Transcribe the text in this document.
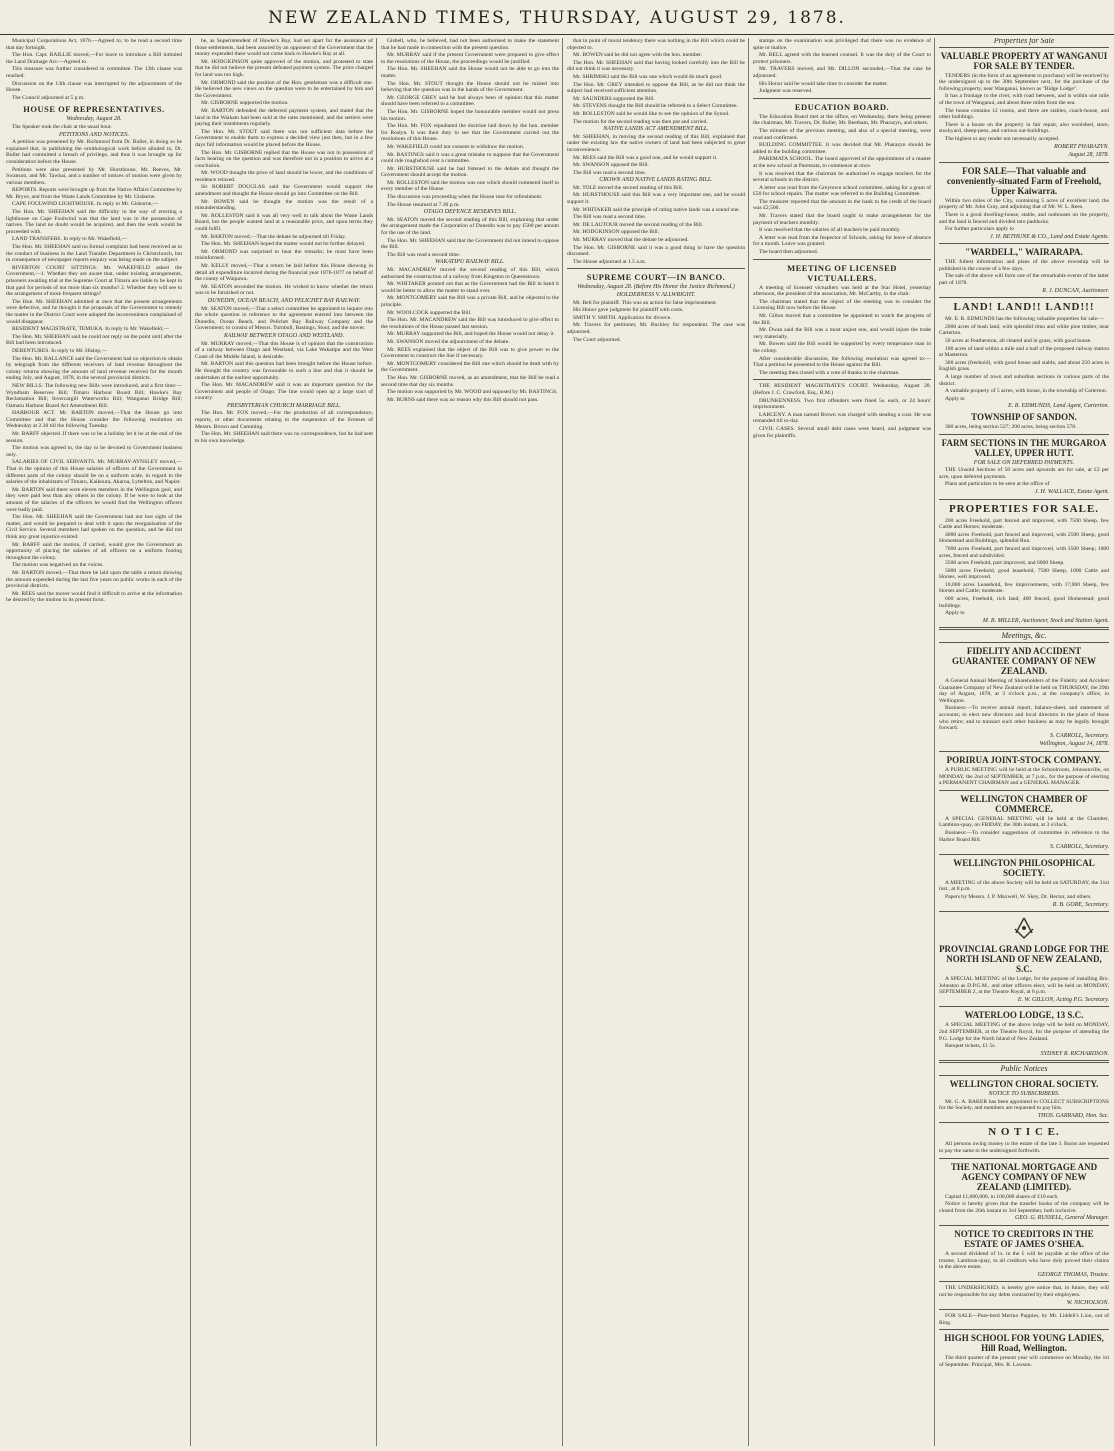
NEW ZEALAND TIMES, THURSDAY, AUGUST 29, 1878.

Municipal Corporations Act, 1876.—Agreed to; to be read a second time that day fortnight.

The Hon. Capt. BAILLIE moved,—For leave to introduce a Bill intituled the Land Drainage Act.—Agreed to.

This measure was further considered in committee. The 13th clause was reached.

Discussion on the 13th clause was interrupted by the adjournment of the House.

The Council adjourned at 5 p.m.

HOUSE OF REPRESENTATIVES.
Wednesday, August 28.

The Speaker took the chair at the usual hour.

PETITIONS AND NOTICES.

A petition was presented by Mr. Richmond from Dr. Buller, in doing so he explained that, in publishing the ornithological work before alluded to, Dr. Buller had committed a breach of privilege, and thus it was brought up for consideration before the House.

Petitions were also presented by Mr. Hursthouse, Mr. Reeves, Mr. Swanson, and Mr. Tawhai, and a number of notices of motion were given by various members.

REPORTS. Reports were brought up from the Native Affairs Committee by Mr. Bryce, and from the Waste Lands Committee by Mr. Gisborne.

CAPE FOULWIND LIGHTHOUSE. In reply to Mr. Gisborne,—

The Hon. Mr. SHEEHAN said the difficulty in the way of erecting a lighthouse on Cape Foulwind was that the land was in the possession of natives. The land no doubt would be acquired, and then the work would be proceeded with.

LAND TRANSFERS. In reply to Mr. Wakefield,—

The Hon. Mr. SHEEHAN said no formal complaint had been received as to the conduct of business in the Land Transfer Department in Christchurch, but in consequence of newspaper reports enquiry was being made on the subject.

RIVERTON COURT SITTINGS. Mr. WAKEFIELD asked the Government,—1. Whether they are aware that, under existing arrangements, prisoners awaiting trial at the Supreme Court at Timaru are liable to be kept in that gaol for periods of not more than six months? 2. Whether they will see to the arrangement of more frequent sittings?

The Hon. Mr. SHEEHAN admitted at once that the present arrangements were defective, and he thought it the proposals of the Government to remedy the matter in the District Court were adopted the inconvenience complained of would disappear.

RESIDENT MAGISTRATE, TEMUKA. In reply to Mr. Wakefield,—

The Hon. Mr. SHEEHAN said he could not reply on the point until after the Bill had been introduced.

DEBENTURES. In reply to Mr. Hislop,—

The Hon. Mr. BALLANCE said the Government had no objection to obtain by telegraph from the different receivers of land revenue throughout the colony returns showing the amount of land revenue received for the month ending July, and August, 1878, in the several provincial districts.

NEW BILLS. The following new Bills were introduced, and a first time:—Wyndham Reserves Bill; Timaru Harbour Board Bill; Hawke's Bay Reclamation Bill; Invercargill Waterworks Bill; Wanganui Bridge Bill; Oamaru Harbour Board Act Amendment Bill.

HARBOUR ACT. Mr. BARTON moved,—That the House go into Committee and that the House consider the following resolution on Wednesday at 2.30 till the following Tuesday.

Mr. BARFF objected. If there was to be a holiday let it be at the end of the session.

The motion was agreed to, the day to be devoted to Government business only.

SALARIES OF CIVIL SERVANTS. Mr. MURRAY-AYNSLEY moved,—That in the opinion of this House salaries of officers of the Government in different parts of the colony should be on a uniform scale, in regard to the salaries of the inhabitants of Timaru, Kaikoura, Akaroa, Lyttelton, and Napier.

Mr. BARTON said there were eleven members in the Wellington gaol, and they were paid less than any others in the colony. If he were to look at the amount of the salaries of the officers he would find the Wellington officers were badly paid.

The Hon. Mr. SHEEHAN said the Government had not lost sight of the matter, and would be prepared to deal with it upon the reorganisation of the Civil Service. Several members had spoken on the question, and he did not think any great injustice existed.

Mr. BARFF said the motion, if carried, would give the Government an opportunity of placing the salaries of all officers on a uniform footing throughout the colony.

The motion was negatived on the voices.

Mr. BARTON moved,—That there be laid upon the table a return showing the amount expended during the last five years on public works in each of the provincial districts.

Mr. REES said the mover would find it difficult to arrive at the information he desired by the motion in its present form.

he, as Superintendent of Hawke's Bay, had set apart for the assistance of those settlements, had been assured by an opponent of the Government that the money expended there would not come back to Hawke's Bay at all.

Mr. HODGKINSON quite approved of the motion, and protested to state that he did not believe the present defeated payment system. The price charged for land was too high.

Mr. ORMOND said the position of the Hon. gentleman was a difficult one. He believed the new views on the question were to be entertained by him and the Government.

Mr. GISBORNE supported the motion.

Mr. BARTON defended the deferred payment system, and stated that the land in the Waikato had been sold at the rates mentioned, and the settlers were paying their instalments regularly.

The Hon. Mr. STOUT said there was not sufficient data before the Government to enable them to express a decided view just then, but in a few days full information would be placed before the House.

The Hon. Mr. GISBORNE replied that the House was not in possession of facts bearing on the question and was therefore not in a position to arrive at a conclusion.

Mr. WOOD thought the price of land should be lower, and the conditions of residence relaxed.

Sir ROBERT DOUGLAS said the Government would support the amendment and thought the House should go into Committee on the Bill.

Mr. BOWEN said he thought the motion was the result of a misunderstanding.

Mr. ROLLESTON said it was all very well to talk about the Waste Lands Board, but the people wanted land at a reasonable price, and upon terms they could fulfil.

Mr. BARTON moved,—That the debate be adjourned till Friday.

The Hon. Mr. SHEEHAN hoped the matter would not be further delayed.

Mr. ORMOND was surprised to hear the remarks; he must have been misinformed.

Mr. KELLY moved,—That a return be laid before this House showing in detail all expenditure incurred during the financial year 1876-1877 on behalf of the county of Waipawa.

Mr. SEATON seconded the motion. He wished to know whether the return was to be furnished or not.

DUNEDIN, OCEAN BEACH, AND PELICHET BAY RAILWAY.

Mr. SEATON moved,—That a select committee be appointed to inquire into the whole question in reference to the agreement entered into between the Dunedin, Ocean Beach, and Pelichet Bay Railway Company and the Government; to consist of Messrs. Turnbull, Bastings, Stout, and the mover.

RAILWAY BETWEEN OTAGO AND WESTLAND.

Mr. MURRAY moved,—That this House is of opinion that the construction of a railway between Otago and Westland, via Lake Wakatipu and the West Coast of the Middle Island, is desirable.

Mr. BARTON said this question had been brought before the House before. He thought the country was favourable to such a line and that it should be undertaken at the earliest opportunity.

The Hon. Mr. MACANDREW said it was an important question for the Government and people of Otago. The line would open up a large tract of country.

PRESBYTERIAN CHURCH MARRIAGE BILL.

The Hon. Mr. FOX moved,—For the production of all correspondence, reports, or other documents relating to the suspension of the licenses of Messrs. Brown and Cumming.

The Hon. Mr. SHEEHAN said there was no correspondence, but he had sent to his own knowledge.

Gisbell, who, he believed, had not been authorised to make the statement that he had made in connection with the present question.

Mr. MURRAY said if the present Government were prepared to give effect to the resolutions of the House, the proceedings would be justified.

The Hon. Mr. SHEEHAN said the House would not be able to go into the matter.

The Hon. Mr. STOUT thought the House should not be misled into believing that the question was in the hands of the Government.

Mr. GEORGE GREY said he had always been of opinion that this matter should have been referred to a committee.

The Hon. Mr. GISBORNE hoped the honourable member would not press his motion.

The Hon. Mr. FOX repudiated the doctrine laid down by the hon. member for Roslyn. It was their duty to see that the Government carried out the resolutions of this House.

Mr. WAKEFIELD could not consent to withdraw the motion.

Mr. BASTINGS said it was a great mistake to suppose that the Government could ride roughshod over a committee.

Mr. HURSTHOUSE said he had listened to the debate and thought the Government should accept the motion.

Mr. ROLLESTON said the motion was one which should commend itself to every member of the House.

The discussion was proceeding when the House rose for refreshment.

The House resumed at 7.30 p.m.

OTAGO DEFENCE RESERVES BILL.

Mr. SEATON moved the second reading of this Bill, explaining that under the arrangement made the Corporation of Dunedin was to pay £500 per annum for the use of the land.

The Hon. Mr. SHEEHAN said that the Government did not intend to oppose the Bill.

The Bill was read a second time.

WAKATIPU RAILWAY BILL.

Mr. MACANDREW moved the second reading of this Bill, which authorised the construction of a railway from Kingston to Queenstown.

Mr. WHITAKER pointed out that as the Government had the Bill in hand it would be better to allow the matter to stand over.

Mr. MONTGOMERY said the Bill was a private Bill, and he objected to the principle.

Mr. WOOLCOCK supported the Bill.

The Hon. Mr. MACANDREW said the Bill was introduced to give effect to the resolutions of the House passed last session.

Mr. MURRAY supported the Bill, and hoped the House would not delay it.

Mr. SWANSON moved the adjournment of the debate.

Mr. REES explained that the object of the Bill was to give power to the Government to construct the line if necessary.

Mr. MONTGOMERY considered the Bill one which should be dealt with by the Government.

The Hon. Mr. GISBORNE moved, as an amendment, that the Bill be read a second time that day six months.

The motion was supported by Mr. WOOD and opposed by Mr. BASTINGS.

Mr. BURNS said there was no reason why this Bill should not pass.

that in point of moral tendency there was nothing in the Bill which could be objected to.

Mr. BOWEN said he did not agree with the hon. member.

The Hon. Mr. SHEEHAN said that having looked carefully into the Bill he did not think it was necessary.

Mr. SHRIMSKI said the Bill was one which would do much good.

The Hon. Mr. GREY intended to oppose the Bill, as he did not think the subject had received sufficient attention.

Mr. SAUNDERS supported the Bill.

Mr. STEVENS thought the Bill should be referred to a Select Committee.

Mr. ROLLESTON said he would like to see the opinion of the Synod.

The motion for the second reading was then put and carried.

NATIVE LANDS ACT AMENDMENT BILL.

Mr. SHEEHAN, in moving the second reading of this Bill, explained that under the existing law the native owners of land had been subjected to great inconvenience.

Mr. REES said the Bill was a good one, and he would support it.

Mr. SWANSON opposed the Bill.

The Bill was read a second time.

CROWN AND NATIVE LANDS RATING BILL.

Mr. TOLE moved the second reading of this Bill.

Mr. HURSTHOUSE said this Bill was a very important one, and he would support it.

Mr. WHITAKER said the principle of rating native lands was a sound one.

The Bill was read a second time.

Mr. DE LAUTOUR moved the second reading of the Bill.

Mr. HODGKINSON opposed the Bill.

Mr. MURRAY moved that the debate be adjourned.

The Hon. Mr. GISBORNE said it was a good thing to have the question discussed.

The House adjourned at 1.5 a.m.

SUPREME COURT—IN BANCO.
Wednesday, August 28. (Before His Honor the Justice Richmond.)
HOLDERNESS V. ALLWRIGHT.

Mr. Bell for plaintiff. This was an action for false imprisonment.

His Honor gave judgment for plaintiff with costs.

SMITH V. SMITH. Application for divorce.

Mr. Travers for petitioner, Mr. Buckley for respondent. The case was adjourned.

The Court adjourned.

stamps on the examination was privileged that there was no evidence of spite or malice.

Mr. BELL agreed with the learned counsel. It was the duty of the Court to protect prisoners.

Mr. TRAVERS moved, and Mr. DILLON seconded,—That the case be adjourned.

His Honor said he would take time to consider the matter.

Judgment was reserved.

EDUCATION BOARD.

The Education Board met at the office, on Wednesday, there being present the chairman, Mr. Travers, Dr. Buller, Mr. Beetham, Mr. Pharazyn, and others.

The minutes of the previous meeting, and also of a special meeting, were read and confirmed.

BUILDING COMMITTEE. It was decided that Mr. Pharazyn should be added to the building committee.

PAREMATA SCHOOL. The board approved of the appointment of a master at the new school at Paremata, to commence at once.

It was resolved that the chairman be authorised to engage teachers for the several schools in the district.

A letter was read from the Greytown school committee, asking for a grant of £50 for school repairs. The matter was referred to the Building Committee.

The treasurer reported that the amount in the bank to the credit of the board was £2,500.

Mr. Travers stated that the board ought to make arrangements for the payment of teachers monthly.

It was resolved that the salaries of all teachers be paid monthly.

A letter was read from the Inspector of Schools, asking for leave of absence for a month. Leave was granted.

The board then adjourned.

MEETING OF LICENSED VICTUALLERS.

A meeting of licensed victuallers was held at the Star Hotel, yesterday afternoon, the president of the association, Mr. McCarthy, in the chair.

The chairman stated that the object of the meeting was to consider the Licensing Bill now before the House.

Mr. Gillon moved that a committee be appointed to watch the progress of the Bill.

Mr. Dwan said the Bill was a most unjust one, and would injure the trade very materially.

Mr. Bowen said the Bill would be supported by every temperance man in the colony.

After considerable discussion, the following resolution was agreed to:—That a petition be presented to the House against the Bill.

The meeting then closed with a vote of thanks to the chairman.

THE RESIDENT MAGISTRATE'S COURT. Wednesday, August 28. (Before J. C. Crawford, Esq., R.M.)

DRUNKENNESS. Two first offenders were fined 5s. each, or 24 hours' imprisonment.

LARCENY. A man named Brown was charged with stealing a coat. He was remanded till to-day.

CIVIL CASES. Several small debt cases were heard, and judgment was given for plaintiffs.

Properties for Sale
VALUABLE PROPERTY AT WANGANUI FOR SALE BY TENDER.

TENDERS (in the form of an agreement to purchase) will be received by the undersigned up to the 30th September next, for the purchase of the following property, near Wanganui, known as "Ridge Lodge".

It has a frontage to the river, with road between, and is within one mile of the town of Wanganui, and about three miles from the sea.

The house contains 12 rooms, and there are stables, coach-house, and other buildings.

There is a house on the property in fair repair, also woolshed, store, stockyard, sheep-pens, and various out-buildings.

The highest or any tender not necessarily accepted.

ROBERT PHARAZYN.
August 28, 1878.
FOR SALE—That valuable and conveniently-situated Farm of Freehold, Upper Kaiwarra.

Within two miles of the City, containing 5 acres of excellent land, the property of Mr. John Gray, and adjoining that of Mr. W. L. Rees.

There is a good dwelling-house, stable, and outhouses on the property, and the land is fenced and divided into paddocks.

For further particulars apply to

J. H. BETHUNE & CO., Land and Estate Agents.
"WARDELL," WAIRARAPA.

THE fullest information and plans of the above township will be published in the course of a few days.

The sale of the above will form one of the remarkable events of the latter part of 1878.

R. J. DUNCAN, Auctioneer.
LAND! LAND!! LAND!!!

Mr. E. R. EDMUNDS has the following valuable properties for sale:—

2000 acres of bush land, with splendid rimu and white pine timber, near Carterton.

50 acres at Featherston, all cleared and in grass, with good house.

100 acres of land within a mile and a half of the proposed railway station at Masterton.

300 acres (freehold), with good house and stable, and about 250 acres in English grass.

A large number of town and suburban sections in various parts of the district.

A valuable property of 5 acres, with house, in the township of Carterton.

Apply to

E. R. EDMUNDS, Land Agent, Carterton.
TOWNSHIP OF SANDON.

300 acres, being section 527; 200 acres, being section 578.

FARM SECTIONS IN THE MURGAROA VALLEY, UPPER HUTT.
FOR SALE ON DEFERRED PAYMENTS.

THE Unsold Sections of 50 acres and upwards are for sale, at £2 per acre, upon deferred payments.

Plans and particulars to be seen at the office of

J. H. WALLACE, Estate Agent.
PROPERTIES FOR SALE.

200 acres Freehold, part fenced and improved, with 7500 Sheep, few Cattle and Horses; moderate.

4000 acres Freehold, part fenced and improved, with 2500 Sheep, good Homestead and Buildings, splendid Run.

7000 acres Freehold, part fenced and improved, with 3500 Sheep; 1000 acres, fenced and subdivided.

3500 acres Freehold, part improved, and 6000 Sheep.

5000 acres Freehold, good leasehold, 7500 Sheep, 1000 Cattle and Horses, well improved.

10,000 acres Leasehold, few improvements, with 17,000 Sheep, few Horses and Cattle; moderate.

600 acres, Freehold, rich land, 400 fenced, good Homestead; good buildings.

Apply to

M. R. MILLER, Auctioneer, Stock and Station Agent.
Meetings, &c.
FIDELITY AND ACCIDENT GUARANTEE COMPANY OF NEW ZEALAND.

A General Annual Meeting of Shareholders of the Fidelity and Accident Guarantee Company of New Zealand will be held on THURSDAY, the 29th day of August, 1878, at 3 o'clock p.m., at the company's office, in Wellington.

Business:—To receive annual report, balance-sheet, and statement of accounts; to elect new directors and local directors in the place of those who retire; and to transact such other business as may be legally brought forward.

S. CARROLL, Secretary.
Wellington, August 14, 1878.
PORIRUA JOINT-STOCK COMPANY.

A PUBLIC MEETING will be held at the Schoolroom, Johnsonville, on MONDAY, the 2nd of SEPTEMBER, at 7 p.m., for the purpose of electing a PERMANENT CHAIRMAN and a GENERAL MANAGER.

WELLINGTON CHAMBER OF COMMERCE.

A SPECIAL GENERAL MEETING will be held at the Chamber, Lambton-quay, on FRIDAY, the 30th instant, at 3 o'clock.

Business:—To consider suggestions of committee in reference to the Harbor Board Bill.

S. CARROLL, Secretary.
WELLINGTON PHILOSOPHICAL SOCIETY.

A MEETING of the above Society will be held on SATURDAY, the 31st inst., at 8 p.m.

Papers by Messrs. J. P. Maxwell, W. Skey, Dr. Hector, and others.

R. B. GORE, Secretary.
PROVINCIAL GRAND LODGE FOR THE NORTH ISLAND OF NEW ZEALAND, S.C.

A SPECIAL MEETING of the Lodge, for the purpose of installing Bro. Johnston as D.P.G.M., and other officers elect, will be held on MONDAY, SEPTEMBER 2, at the Theatre Royal, at 8 p.m.

E. W. GILLON, Acting P.G. Secretary.
WATERLOO LODGE, 13 S.C.

A SPECIAL MEETING of the above lodge will be held on MONDAY, 2nd SEPTEMBER, at the Theatre Royal, for the purpose of attending the P.G. Lodge for the North Island of New Zealand.

Banquet tickets, £1 5s.

SYDNEY R. RICHARDSON.
Public Notices
WELLINGTON CHORAL SOCIETY.
NOTICE TO SUBSCRIBERS.

Mr. G. A. BAKER has been appointed to COLLECT SUBSCRIPTIONS for the Society, and members are requested to pay him.

THOS. GARRARD, Hon. Sec.
N O T I C E.

All persons owing money to the estate of the late J. Burns are requested to pay the same to the undersigned forthwith.

THE NATIONAL MORTGAGE AND AGENCY COMPANY OF NEW ZEALAND (LIMITED).

Capital £1,000,000, in 100,000 shares of £10 each.

Notice is hereby given that the transfer books of the company will be closed from the 26th instant to 3rd September, both inclusive.

GEO. G. RUSSELL, General Manager.
NOTICE TO CREDITORS IN THE ESTATE OF JAMES O'SHEA.

A second dividend of 1s. in the £ will be payable at the office of the trustee, Lambton-quay, to all creditors who have duly proved their claims in the above estate.

GEORGE THOMAS, Trustee.

THE UNDERSIGNED, is hereby give notice that, in future, they will not be responsible for any debts contracted by their employees.

W. NICHOLSON.

FOR SALE—Pure-bred Merino Puppies, by Mr. Liddell's Lion, out of Ring.

HIGH SCHOOL FOR YOUNG LADIES, Hill Road, Wellington.

The third quarter of the present year will commence on Monday, the 1st of September. Principal, Mrs. R. Lawson.
